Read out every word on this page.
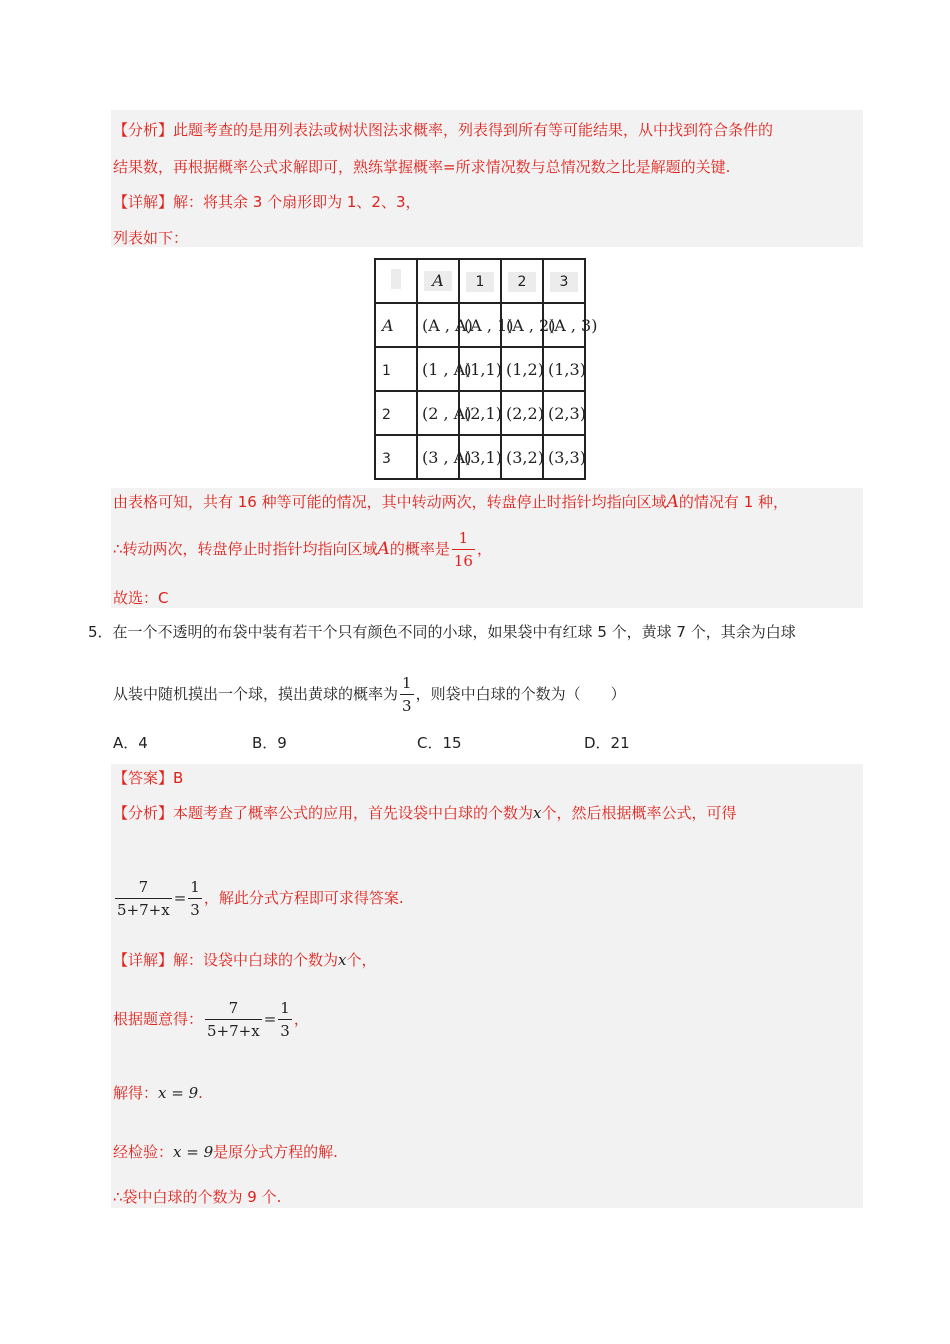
【分析】此题考查的是用列表法或树状图法求概率，列表得到所有等可能结果，从中找到符合条件的
结果数，再根据概率公式求解即可，熟练掌握概率=所求情况数与总情况数之比是解题的关键.
【详解】解：将其余 3 个扇形即为 1、2、3，
列表如下：
	A	1	2	3
A	(A , A)	(A , 1)	(A , 2)	(A , 3)

1	(1 , A)	(1,1)	(1,2)	(1,3)

2	(2 , A)	(2,1)	(2,2)	(2,3)

3	(3 , A)	(3,1)	(3,2)	(3,3)
由表格可知，共有 16 种等可能的情况，其中转动两次，转盘停止时指针均指向区域A的情况有 1 种，
∴转动两次，转盘停止时指针均指向区域A的概率是 $\frac{1}{16}$ ，
故选：C
5．在一个不透明的布袋中装有若干个只有颜色不同的小球，如果袋中有红球 5 个，黄球 7 个，其余为白球
从装中随机摸出一个球，摸出黄球的概率为 $\frac{1}{3}$ ，则袋中白球的个数为（　　）
A．4	B．9	C．15	D．21
【答案】B
【分析】本题考查了概率公式的应用，首先设袋中白球的个数为x个，然后根据概率公式，可得
$\frac{7}{5+7+x} = \frac{1}{3}$ ，解此分式方程即可求得答案.
【详解】解：设袋中白球的个数为x个，
根据题意得： $\frac{7}{5+7+x} = \frac{1}{3}$ ，
解得：x = 9.
经检验：x = 9是原分式方程的解.
∴袋中白球的个数为 9 个.
